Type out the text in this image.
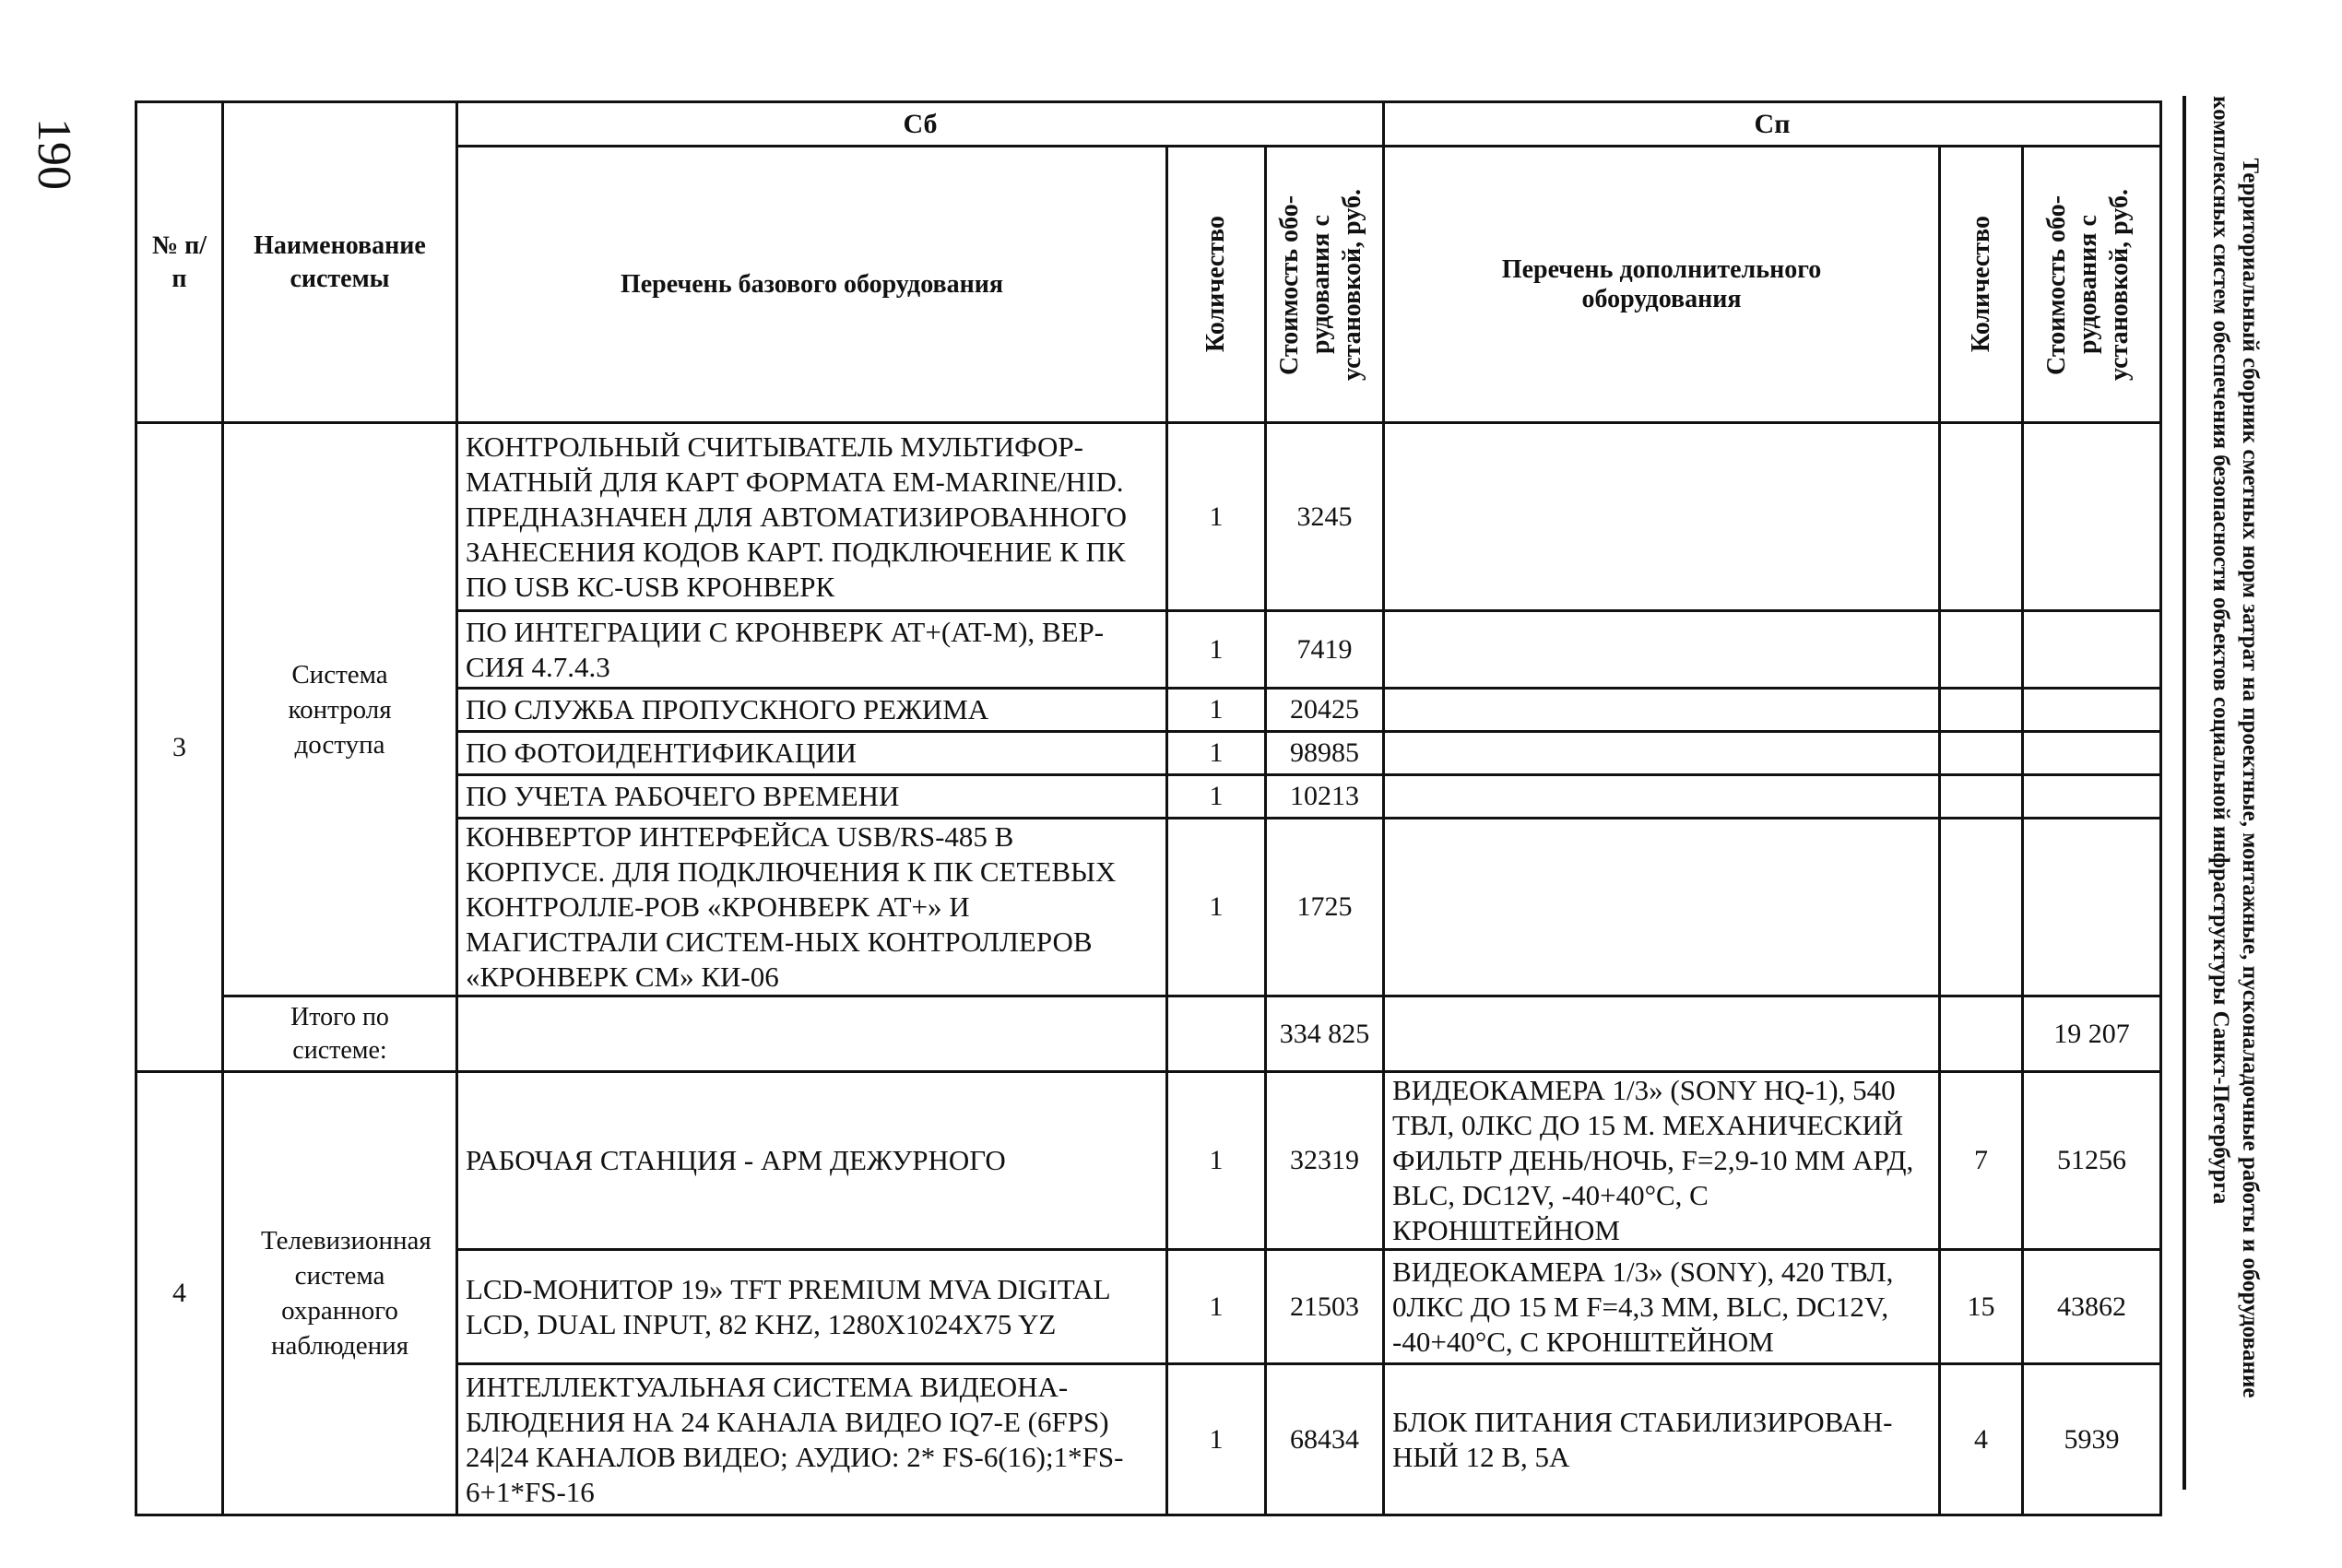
190
Территориальный сборник сметных норм затрат на проектные, монтажные, пусконаладочные работы и оборудование
комплексных систем обеспечения безопасности объектов социальной инфраструктуры Санкт-Петербурга
№ п/п	Наименование системы	Сб			Сп		
		Перечень базового оборудования	Количество	Стоимость обо-рудования с установкой, руб.	Перечень дополнительного оборудования	Количество	Стоимость обо-рудования с установкой, руб.

3	Система контроля доступа	КОНТРОЛЬНЫЙ СЧИТЫВАТЕЛЬ МУЛЬТИФОР-МАТНЫЙ ДЛЯ КАРТ ФОРМАТА EM-MARINE/HID. ПРЕДНАЗНАЧЕН ДЛЯ АВТОМАТИЗИРОВАННОГО ЗАНЕСЕНИЯ КОДОВ КАРТ. ПОДКЛЮЧЕНИЕ К ПК ПО USB КС-USB КРОНВЕРК	1	3245			
		ПО ИНТЕГРАЦИИ С КРОНВЕРК AT+(AT-M), ВЕР-СИЯ 4.7.4.3	1	7419			
		ПО СЛУЖБА ПРОПУСКНОГО РЕЖИМА	1	20425			
		ПО ФОТОИДЕНТИФИКАЦИИ	1	98985			
		ПО УЧЕТА РАБОЧЕГО ВРЕМЕНИ	1	10213			
		КОНВЕРТОР ИНТЕРФЕЙСА USB/RS-485 В КОРПУСЕ. ДЛЯ ПОДКЛЮЧЕНИЯ К ПК СЕТЕВЫХ КОНТРОЛЛЕ-РОВ «КРОНВЕРК AT+» И МАГИСТРАЛИ СИСТЕМ-НЫХ КОНТРОЛЛЕРОВ «КРОНВЕРК СМ» КИ-06	1	1725			
	Итого по системе:			334 825			19 207
4	Телевизионная система охранного наблюдения	РАБОЧАЯ СТАНЦИЯ - АРМ ДЕЖУРНОГО	1	32319	ВИДЕОКАМЕРА 1/3» (SONY HQ-1), 540 ТВЛ, 0ЛКС ДО 15 М. МЕХАНИЧЕСКИЙ ФИЛЬТР ДЕНЬ/НОЧЬ, F=2,9-10 MM АРД, BLC, DC12V, -40+40°С, С КРОНШТЕЙНОМ	7	51256
		LCD-МОНИТОР 19» TFT PREMIUM MVA DIGITAL LCD, DUAL INPUT, 82 KHZ, 1280X1024X75 YZ	1	21503	ВИДЕОКАМЕРА 1/3» (SONY), 420 ТВЛ, 0ЛКС ДО 15 М F=4,3 MM, BLC, DC12V, -40+40°С, С КРОНШТЕЙНОМ	15	43862
		ИНТЕЛЛЕКТУАЛЬНАЯ СИСТЕМА ВИДЕОНА-БЛЮДЕНИЯ НА 24 КАНАЛА ВИДЕО IQ7-E (6FPS) 24|24 КАНАЛОВ ВИДЕО; АУДИО: 2* FS-6(16);1*FS-6+1*FS-16	1	68434	БЛОК ПИТАНИЯ СТАБИЛИЗИРОВАН-НЫЙ 12 В, 5А	4	5939
